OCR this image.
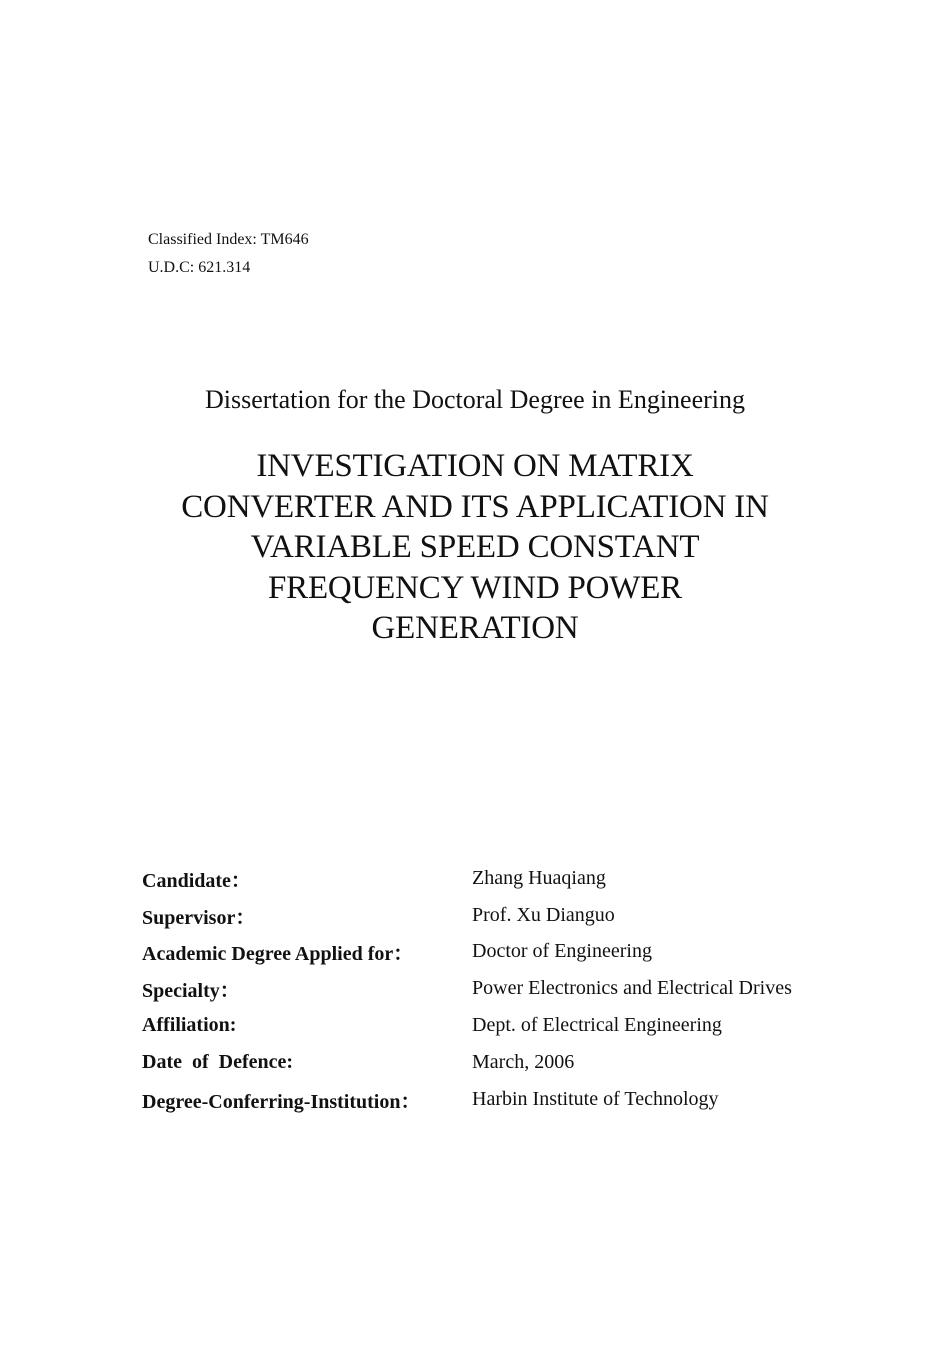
Classified Index: TM646
U.D.C: 621.314
Dissertation for the Doctoral Degree in Engineering
INVESTIGATION ON MATRIX
CONVERTER AND ITS APPLICATION IN
VARIABLE SPEED CONSTANT
FREQUENCY WIND POWER
GENERATION
Candidate：	Zhang Huaqiang
Supervisor：	Prof. Xu Dianguo
Academic Degree Applied for：	Doctor of Engineering
Specialty：	Power Electronics and Electrical Drives
Affiliation:	Dept. of Electrical Engineering
Date  of  Defence:	March, 2006
Degree-Conferring-Institution：	Harbin Institute of Technology
